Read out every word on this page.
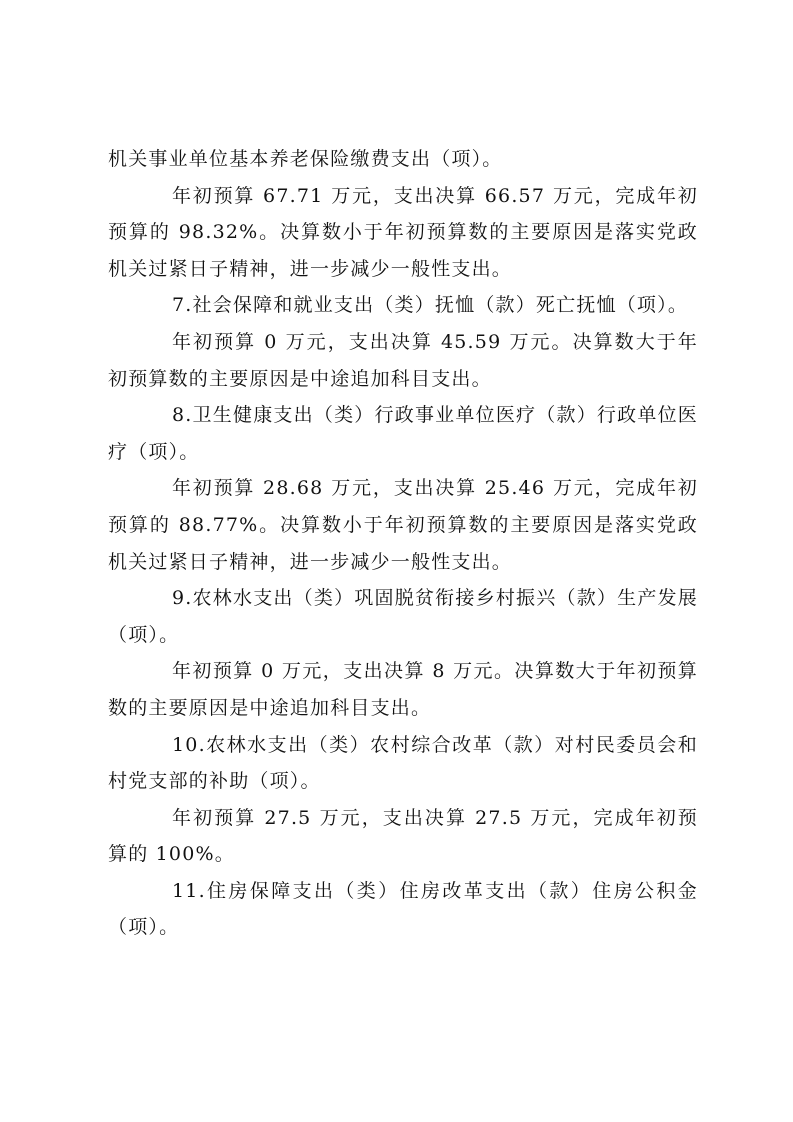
机关事业单位基本养老保险缴费支出（项）。

年初预算 67.71 万元，支出决算 66.57 万元，完成年初预算的 98.32%。决算数小于年初预算数的主要原因是落实党政机关过紧日子精神，进一步减少一般性支出。

7.社会保障和就业支出（类）抚恤（款）死亡抚恤（项）。

年初预算 0 万元，支出决算 45.59 万元。决算数大于年初预算数的主要原因是中途追加科目支出。

8.卫生健康支出（类）行政事业单位医疗（款）行政单位医疗（项）。

年初预算 28.68 万元，支出决算 25.46 万元，完成年初预算的 88.77%。决算数小于年初预算数的主要原因是落实党政机关过紧日子精神，进一步减少一般性支出。

9.农林水支出（类）巩固脱贫衔接乡村振兴（款）生产发展（项）。

年初预算 0 万元，支出决算 8 万元。决算数大于年初预算数的主要原因是中途追加科目支出。

10.农林水支出（类）农村综合改革（款）对村民委员会和村党支部的补助（项）。

年初预算 27.5 万元，支出决算 27.5 万元，完成年初预算的 100%。

11.住房保障支出（类）住房改革支出（款）住房公积金（项）。
